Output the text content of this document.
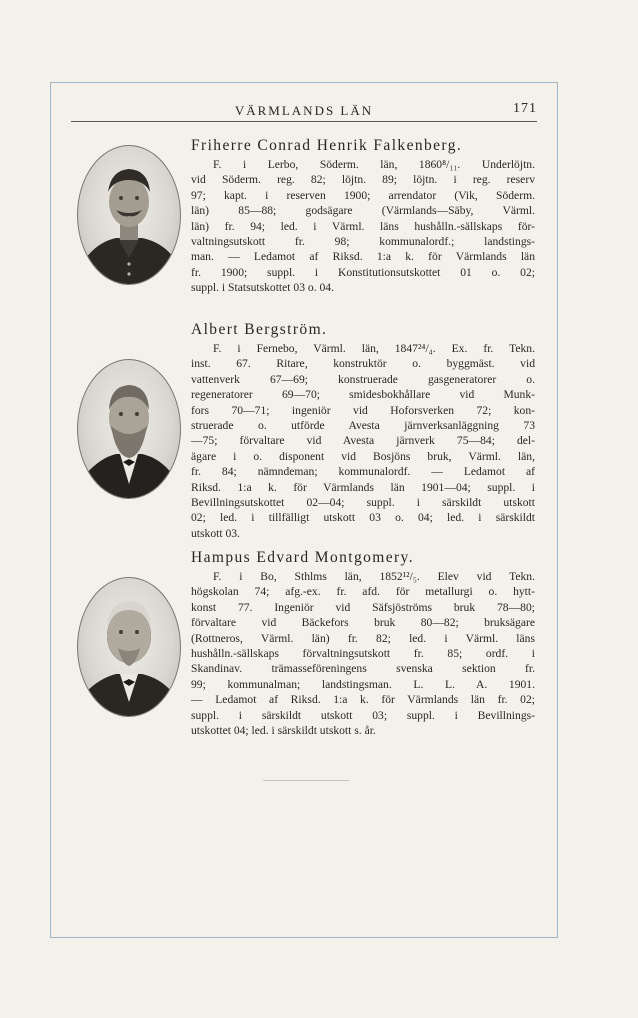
VÄRMLANDS LÄN	171
Friherre Conrad Henrik Falkenberg.
F. i Lerbo, Söderm. län, 1860⁸/₁₁. Underlöjtn.
vid Söderm. reg. 82; löjtn. 89; löjtn. i reg. reserv
97; kapt. i reserven 1900; arrendator (Vik, Söderm.
län) 85—88; godsägare (Värmlands—Säby, Värml.
län) fr. 94; led. i Värml. läns hushålln.-sällskaps för-
valtningsutskott fr. 98; kommunalordf.; landstings-
man. — Ledamot af Riksd. 1:a k. för Värmlands län
fr. 1900; suppl. i Konstitutionsutskottet 01 o. 02;
suppl. i Statsutskottet 03 o. 04.
Albert Bergström.
F. i Fernebo, Värml. län, 1847²⁴/₄. Ex. fr. Tekn.
inst. 67. Ritare, konstruktör o. byggmäst. vid
vattenverk 67—69; konstruerade gasgeneratorer o.
regeneratorer 69—70; smidesbokhållare vid Munk-
fors 70—71; ingeniör vid Hoforsverken 72; kon-
struerade o. utförde Avesta järnverksanläggning 73
—75; förvaltare vid Avesta järnverk 75—84; del-
ägare i o. disponent vid Bosjöns bruk, Värml. län,
fr. 84; nämndeman; kommunalordf. — Ledamot af
Riksd. 1:a k. för Värmlands län 1901—04; suppl. i
Bevillningsutskottet 02—04; suppl. i särskildt utskott
02; led. i tillfälligt utskott 03 o. 04; led. i särskildt
utskott 03.
Hampus Edvard Montgomery.
F. i Bo, Sthlms län, 1852¹²/₅. Elev vid Tekn.
högskolan 74; afg.-ex. fr. afd. för metallurgi o. hytt-
konst 77. Ingeniör vid Säfsjöströms bruk 78—80;
förvaltare vid Bäckefors bruk 80—82; bruksägare
(Rottneros, Värml. län) fr. 82; led. i Värml. läns
hushålln.-sällskaps förvaltningsutskott fr. 85; ordf. i
Skandinav. trämasseföreningens svenska sektion fr.
99; kommunalman; landstingsman. L. L. A. 1901.
— Ledamot af Riksd. 1:a k. för Värmlands län fr. 02;
suppl. i särskildt utskott 03; suppl. i Bevillnings-
utskottet 04; led. i särskildt utskott s. år.
